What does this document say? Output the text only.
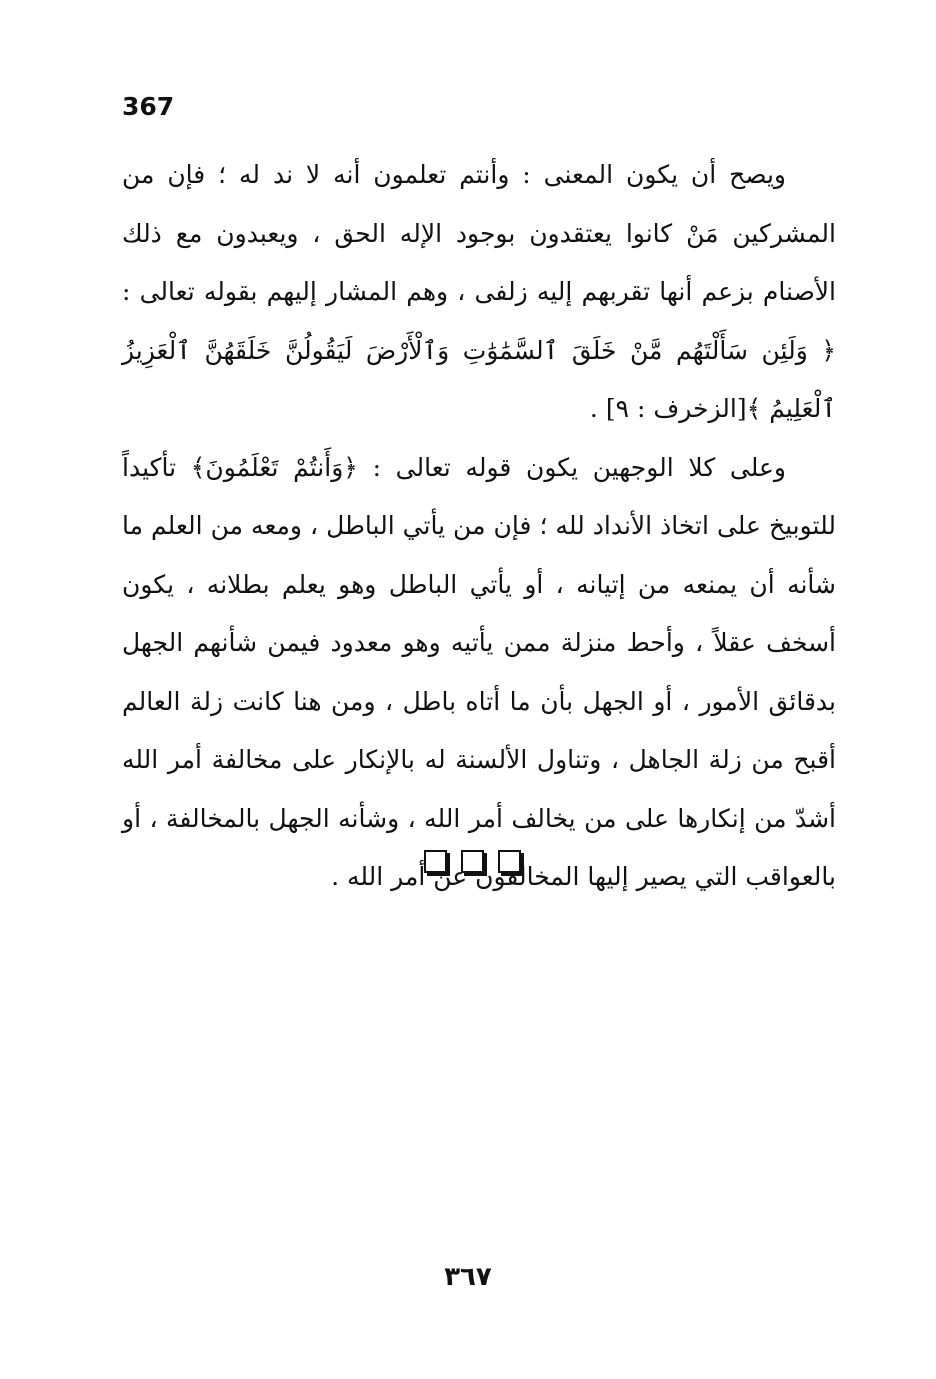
367

ويصح أن يكون المعنى : وأنتم تعلمون أنه لا ند له ؛ فإن من المشركين مَنْ كانوا يعتقدون بوجود الإله الحق ، ويعبدون مع ذلك الأصنام بزعم أنها تقربهم إليه زلفى ، وهم المشار إليهم بقوله تعالى : ﴿ وَلَئِن سَأَلْتَهُم مَّنْ خَلَقَ ٱلسَّمَٰوَٰتِ وَٱلْأَرْضَ لَيَقُولُنَّ خَلَقَهُنَّ ٱلْعَزِيزُ ٱلْعَلِيمُ ﴾[الزخرف : ٩] .

وعلى كلا الوجهين يكون قوله تعالى : ﴿وَأَنتُمْ تَعْلَمُونَ﴾ تأكيداً للتوبيخ على اتخاذ الأنداد لله ؛ فإن من يأتي الباطل ، ومعه من العلم ما شأنه أن يمنعه من إتيانه ، أو يأتي الباطل وهو يعلم بطلانه ، يكون أسخف عقلاً ، وأحط منزلة ممن يأتيه وهو معدود فيمن شأنهم الجهل بدقائق الأمور ، أو الجهل بأن ما أتاه باطل ، ومن هنا كانت زلة العالم أقبح من زلة الجاهل ، وتناول الألسنة له بالإنكار على مخالفة أمر الله أشدّ من إنكارها على من يخالف أمر الله ، وشأنه الجهل بالمخالفة ، أو بالعواقب التي يصير إليها المخالفون عن أمر الله .

٣٦٧
